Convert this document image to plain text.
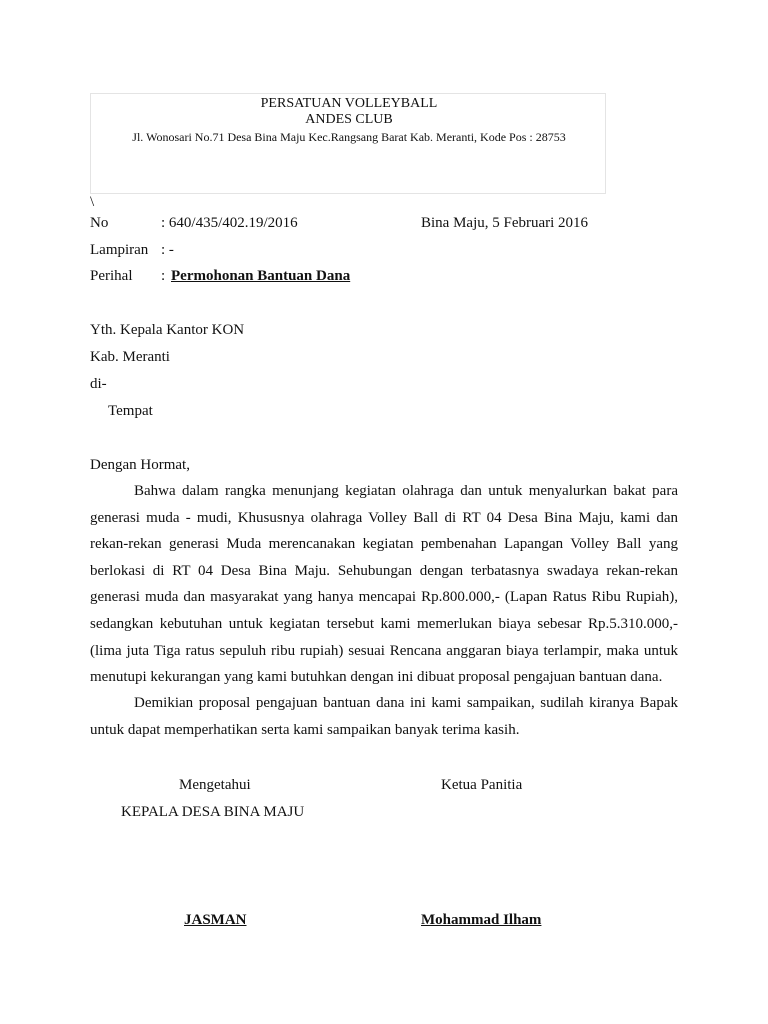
PERSATUAN VOLLEYBALL
ANDES CLUB
Jl. Wonosari No.71 Desa Bina Maju Kec.Rangsang Barat Kab. Meranti, Kode Pos : 28753
\
No	: 640/435/402.19/2016	Bina Maju, 5 Februari 2016
Lampiran : -
Perihal : Permohonan Bantuan Dana
Yth. Kepala Kantor KON
Kab. Meranti
di-
Tempat
Dengan Hormat,
Bahwa dalam rangka menunjang kegiatan olahraga dan untuk menyalurkan bakat para
generasi muda - mudi, Khususnya olahraga Volley Ball di RT 04 Desa Bina Maju, kami dan
rekan-rekan generasi Muda merencanakan kegiatan pembenahan Lapangan Volley Ball yang
berlokasi di RT 04 Desa Bina Maju. Sehubungan dengan terbatasnya swadaya rekan-rekan
generasi muda dan masyarakat yang hanya mencapai Rp.800.000,- (Lapan Ratus Ribu Rupiah),
sedangkan kebutuhan untuk kegiatan tersebut kami memerlukan biaya sebesar Rp.5.310.000,-
(lima juta Tiga ratus sepuluh ribu rupiah) sesuai Rencana anggaran biaya terlampir, maka untuk
menutupi kekurangan yang kami butuhkan dengan ini dibuat proposal pengajuan bantuan dana.
Demikian proposal pengajuan bantuan dana ini kami sampaikan, sudilah kiranya Bapak
untuk dapat memperhatikan serta kami sampaikan banyak terima kasih.
Mengetahui	Ketua Panitia
KEPALA DESA BINA MAJU
JASMAN	Mohammad Ilham
